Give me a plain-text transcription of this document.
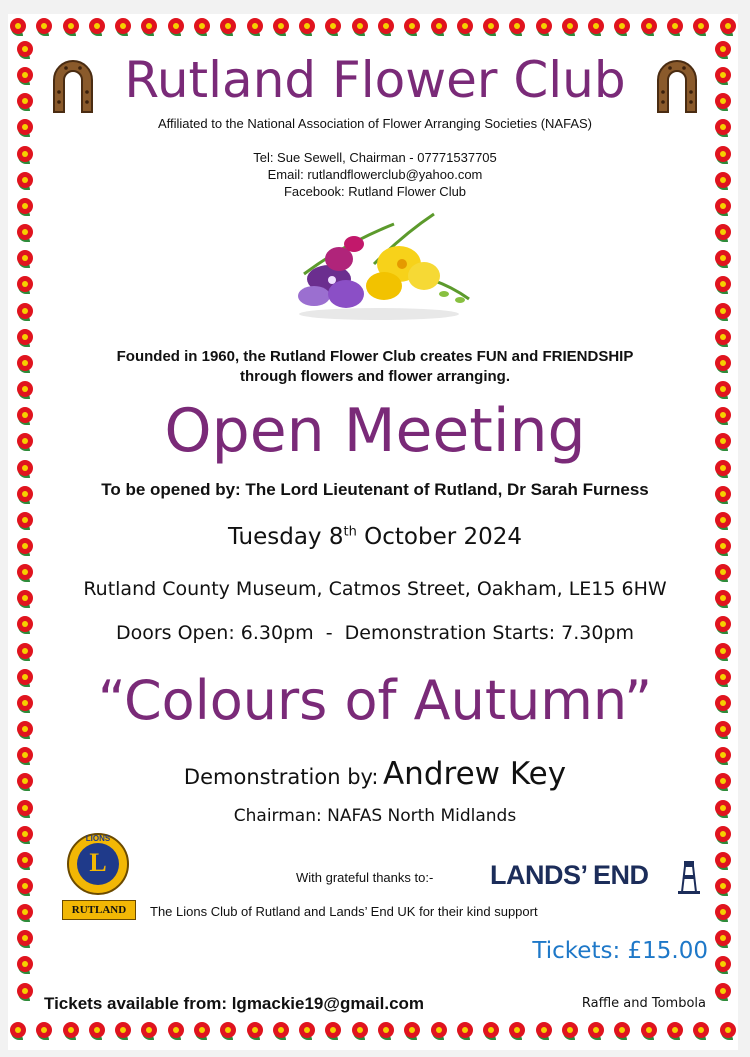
Rutland Flower Club
Affiliated to the National Association of Flower Arranging Societies (NAFAS)
Tel: Sue Sewell, Chairman - 07771537705
Email: rutlandflowerclub@yahoo.com
Facebook: Rutland Flower Club
Founded in 1960, the Rutland Flower Club creates FUN and FRIENDSHIP
through flowers and flower arranging.
Open Meeting
To be opened by: The Lord Lieutenant of Rutland, Dr Sarah Furness
Tuesday 8th October 2024
Rutland County Museum, Catmos Street, Oakham, LE15 6HW
Doors Open: 6.30pm  -  Demonstration Starts: 7.30pm
“Colours of Autumn”
Demonstration by: Andrew Key
Chairman: NAFAS North Midlands
LIONS
L
RUTLAND
With grateful thanks to:- LANDS’ END
The Lions Club of Rutland and Lands’ End UK for their kind support
Tickets: £15.00
Tickets available from: lgmackie19@gmail.com	Raffle and Tombola
